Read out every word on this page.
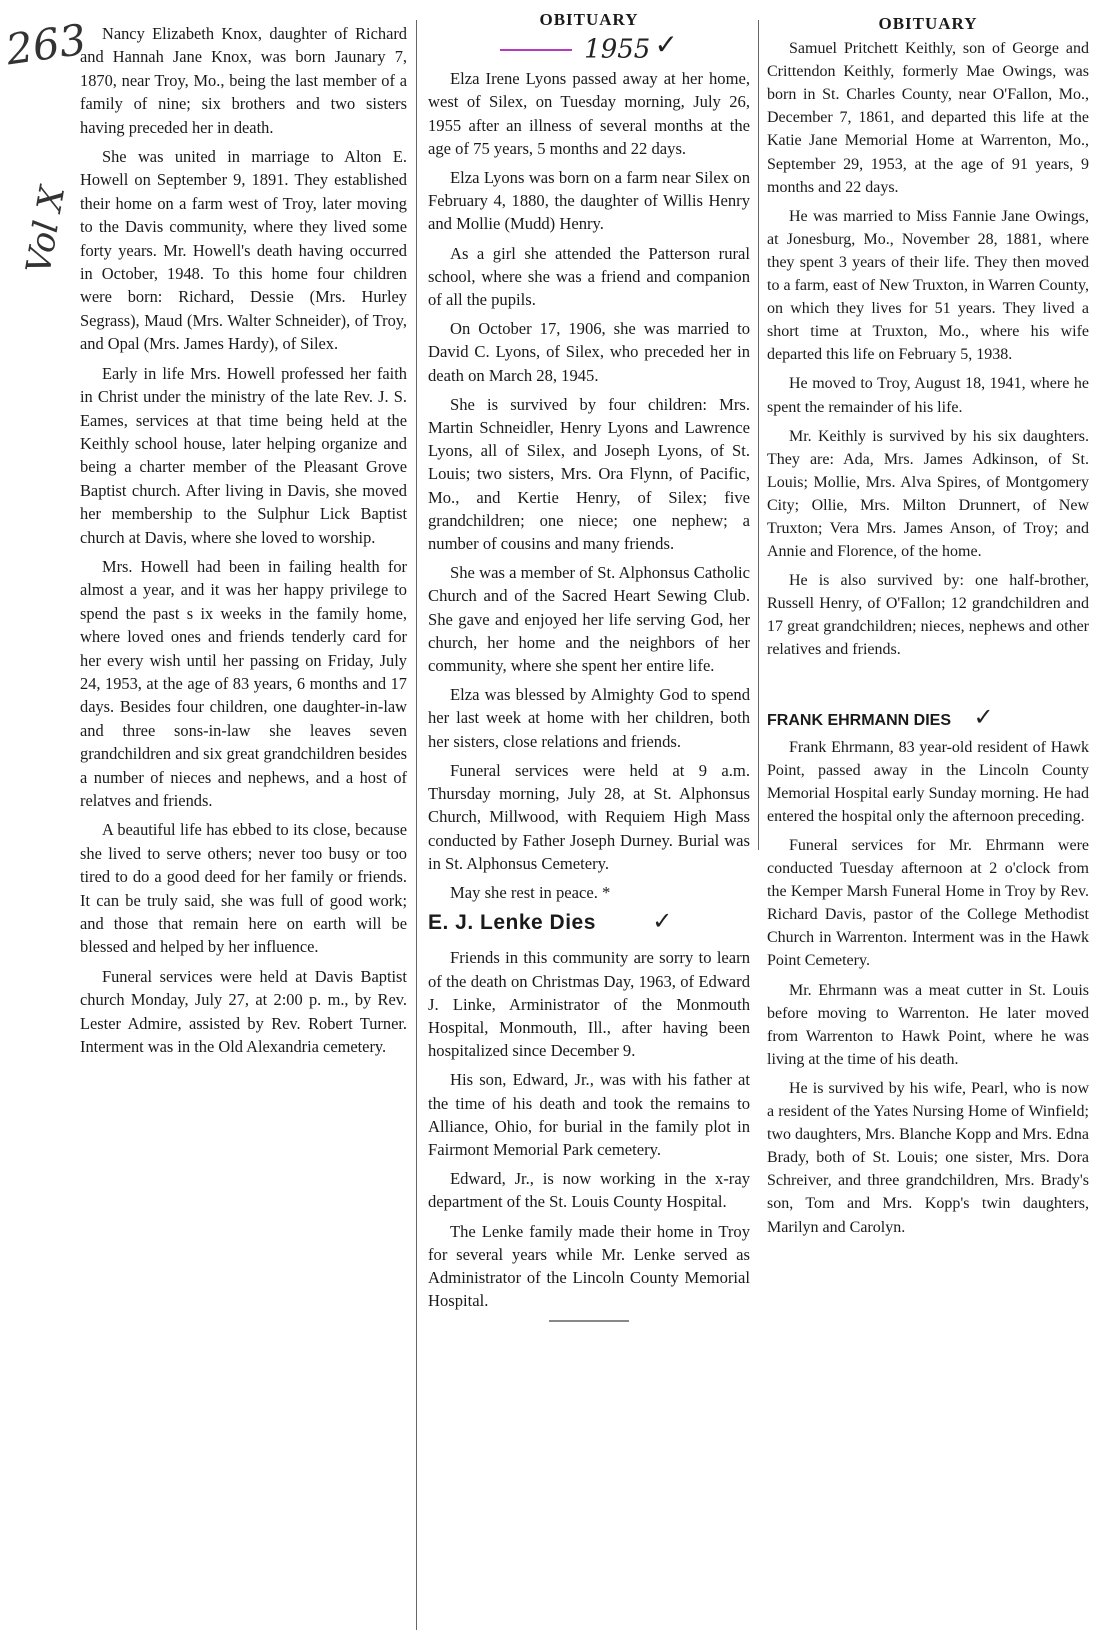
263
Vol X

Nancy Elizabeth Knox, daughter of Richard and Hannah Jane Knox, was born Jaunary 7, 1870, near Troy, Mo., being the last member of a family of nine; six brothers and two sisters having preceded her in death.

She was united in marriage to Alton E. Howell on September 9, 1891. They established their home on a farm west of Troy, later moving to the Davis community, where they lived some forty years. Mr. Howell's death having occurred in October, 1948. To this home four children were born: Richard, Dessie (Mrs. Hurley Segrass), Maud (Mrs. Walter Schneider), of Troy, and Opal (Mrs. James Hardy), of Silex.

Early in life Mrs. Howell professed her faith in Christ under the ministry of the late Rev. J. S. Eames, services at that time being held at the Keithly school house, later helping organize and being a charter member of the Pleasant Grove Baptist church. After living in Davis, she moved her membership to the Sulphur Lick Baptist church at Davis, where she loved to worship.

Mrs. Howell had been in failing health for almost a year, and it was her happy privilege to spend the past s ix weeks in the family home, where loved ones and friends tenderly card for her every wish until her passing on Friday, July 24, 1953, at the age of 83 years, 6 months and 17 days. Besides four children, one daughter-in-law and three sons-in-law she leaves seven grandchildren and six great grandchildren besides a number of nieces and nephews, and a host of relatves and friends.

A beautiful life has ebbed to its close, because she lived to serve others; never too busy or too tired to do a good deed for her family or friends. It can be truly said, she was full of good work; and those that remain here on earth will be blessed and helped by her influence.

Funeral services were held at Davis Baptist church Monday, July 27, at 2:00 p. m., by Rev. Lester Admire, assisted by Rev. Robert Turner. Interment was in the Old Alexandria cemetery.

OBITUARY
1955 ✓

Elza Irene Lyons passed away at her home, west of Silex, on Tuesday morning, July 26, 1955 after an illness of several months at the age of 75 years, 5 months and 22 days.

Elza Lyons was born on a farm near Silex on February 4, 1880, the daughter of Willis Henry and Mollie (Mudd) Henry.

As a girl she attended the Patterson rural school, where she was a friend and companion of all the pupils.

On October 17, 1906, she was married to David C. Lyons, of Silex, who preceded her in death on March 28, 1945.

She is survived by four children: Mrs. Martin Schneidler, Henry Lyons and Lawrence Lyons, all of Silex, and Joseph Lyons, of St. Louis; two sisters, Mrs. Ora Flynn, of Pacific, Mo., and Kertie Henry, of Silex; five grandchildren; one niece; one nephew; a number of cousins and many friends.

She was a member of St. Alphonsus Catholic Church and of the Sacred Heart Sewing Club. She gave and enjoyed her life serving God, her church, her home and the neighbors of her community, where she spent her entire life.

Elza was blessed by Almighty God to spend her last week at home with her children, both her sisters, close relations and friends.

Funeral services were held at 9 a.m. Thursday morning, July 28, at St. Alphonsus Church, Millwood, with Requiem High Mass conducted by Father Joseph Durney. Burial was in St. Alphonsus Cemetery.

May she rest in peace. *

E. J. Lenke Dies ✓

Friends in this community are sorry to learn of the death on Christmas Day, 1963, of Edward J. Linke, Arministrator of the Monmouth Hospital, Monmouth, Ill., after having been hospitalized since December 9.

His son, Edward, Jr., was with his father at the time of his death and took the remains to Alliance, Ohio, for burial in the family plot in Fairmont Memorial Park cemetery.

Edward, Jr., is now working in the x-ray department of the St. Louis County Hospital.

The Lenke family made their home in Troy for several years while Mr. Lenke served as Administrator of the Lincoln County Memorial Hospital.

OBITUARY

Samuel Pritchett Keithly, son of George and Crittendon Keithly, formerly Mae Owings, was born in St. Charles County, near O'Fallon, Mo., December 7, 1861, and departed this life at the Katie Jane Memorial Home at Warrenton, Mo., September 29, 1953, at the age of 91 years, 9 months and 22 days.

He was married to Miss Fannie Jane Owings, at Jonesburg, Mo., November 28, 1881, where they spent 3 years of their life. They then moved to a farm, east of New Truxton, in Warren County, on which they lives for 51 years. They lived a short time at Truxton, Mo., where his wife departed this life on February 5, 1938.

He moved to Troy, August 18, 1941, where he spent the remainder of his life.

Mr. Keithly is survived by his six daughters. They are: Ada, Mrs. James Adkinson, of St. Louis; Mollie, Mrs. Alva Spires, of Montgomery City; Ollie, Mrs. Milton Drunnert, of New Truxton; Vera Mrs. James Anson, of Troy; and Annie and Florence, of the home.

He is also survived by: one half-brother, Russell Henry, of O'Fallon; 12 grandchildren and 17 great grandchildren; nieces, nephews and other relatives and friends.

FRANK EHRMANN DIES ✓

Frank Ehrmann, 83 year-old resident of Hawk Point, passed away in the Lincoln County Memorial Hospital early Sunday morning. He had entered the hospital only the afternoon preceding.

Funeral services for Mr. Ehrmann were conducted Tuesday afternoon at 2 o'clock from the Kemper Marsh Funeral Home in Troy by Rev. Richard Davis, pastor of the College Methodist Church in Warrenton. Interment was in the Hawk Point Cemetery.

Mr. Ehrmann was a meat cutter in St. Louis before moving to Warrenton. He later moved from Warrenton to Hawk Point, where he was living at the time of his death.

He is survived by his wife, Pearl, who is now a resident of the Yates Nursing Home of Winfield; two daughters, Mrs. Blanche Kopp and Mrs. Edna Brady, both of St. Louis; one sister, Mrs. Dora Schreiver, and three grandchildren, Mrs. Brady's son, Tom and Mrs. Kopp's twin daughters, Marilyn and Carolyn.
